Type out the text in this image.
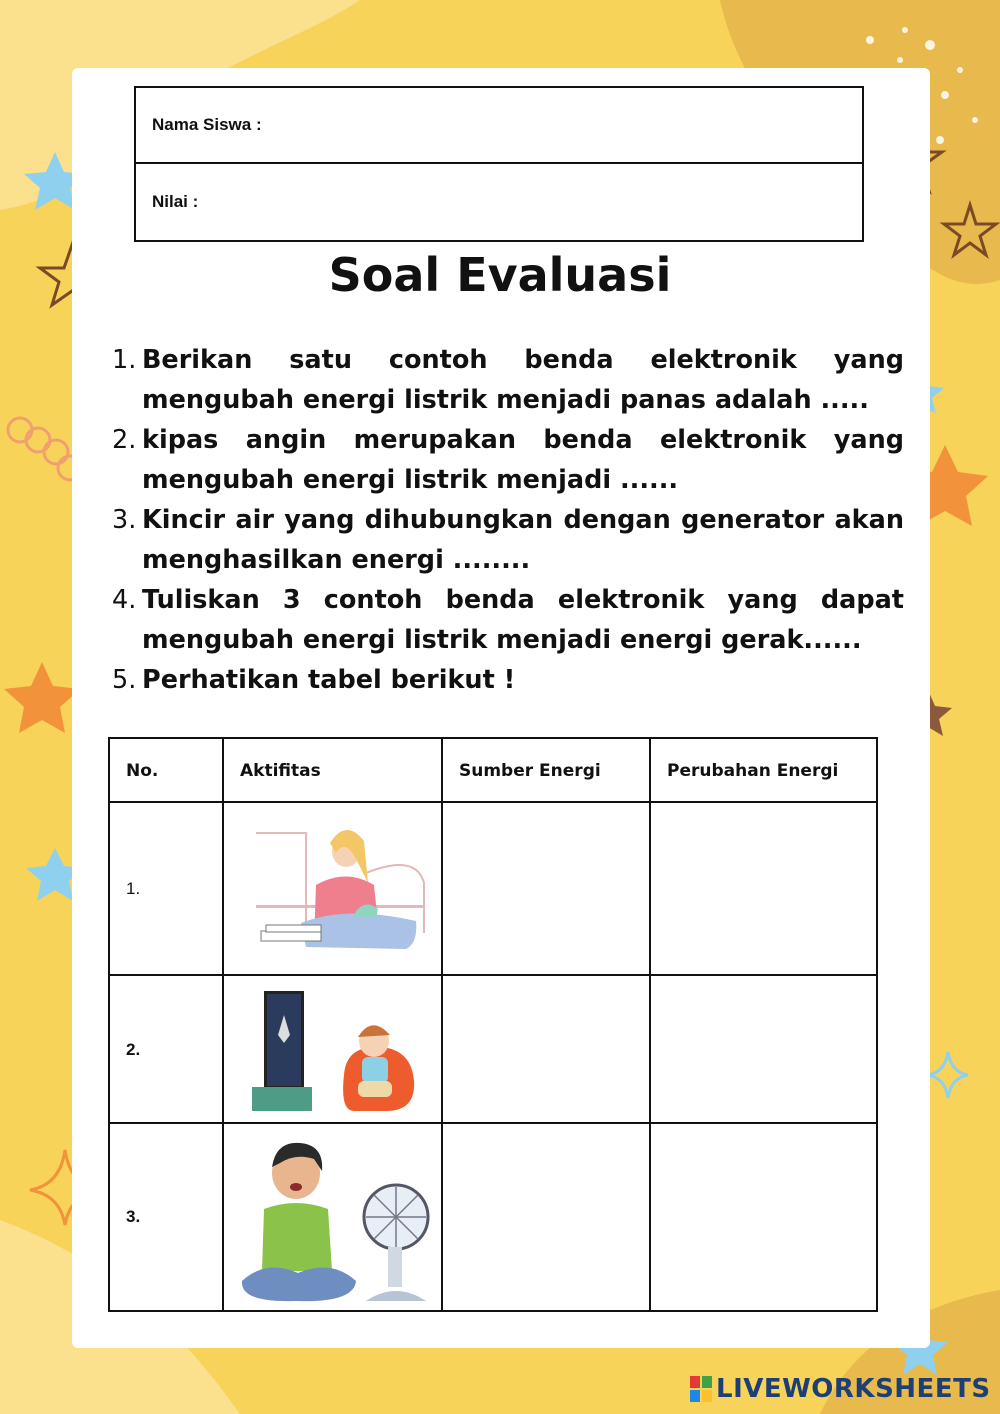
Nama Siswa :
Nilai :
Soal Evaluasi
1. Berikan satu contoh benda elektronik yang mengubah energi listrik menjadi panas adalah .....
2. kipas angin merupakan benda elektronik yang mengubah energi listrik menjadi ......
3. Kincir air yang dihubungkan dengan generator akan menghasilkan energi ........
4. Tuliskan 3 contoh benda elektronik yang dapat mengubah energi listrik menjadi energi gerak......
5. Perhatikan tabel berikut !
No.	Aktifitas	Sumber Energi	Perubahan Energi
1.
2.
3.
LIVEWORKSHEETS
